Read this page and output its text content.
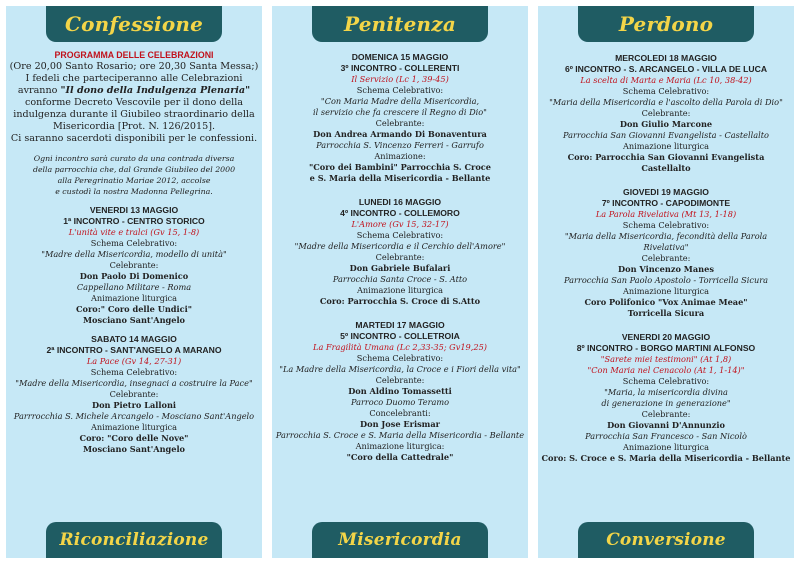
Confessione

PROGRAMMA DELLE CELEBRAZIONI

(Ore 20,00 Santo Rosario; ore 20,30 Santa Messa;)

I fedeli che parteciperanno alle Celebrazioni

avranno "Il dono della Indulgenza Plenaria"

conforme Decreto Vescovile per il dono della

indulgenza durante il Giubileo straordinario della

Misericordia [Prot. N. 126/2015].

Ci saranno sacerdoti disponibili per le confessioni.

Ogni incontro sarà curato da una contrada diversa

della parrocchia che, dal Grande Giubileo del 2000

alla Peregrinatio Mariae 2012, accolse

e custodì la nostra Madonna Pellegrina.

VENERDI 13 MAGGIO

1ª INCONTRO - CENTRO STORICO

L'unità vite e tralci (Gv 15, 1-8)

Schema Celebrativo:

"Madre della Misericordia, modello di unità"

Celebrante:

Don Paolo Di Domenico

Cappellano Militare - Roma

Animazione liturgica

Coro:" Coro delle Undici"

Mosciano Sant'Angelo

SABATO 14 MAGGIO

2ª INCONTRO - SANT'ANGELO A MARANO

La Pace (Gv 14, 27-31)

Schema Celebrativo:

"Madre della Misericordia, insegnaci a costruire la Pace"

Celebrante:

Don Pietro Lalloni

Parrrocchia S. Michele Arcangelo - Mosciano Sant'Angelo

Animazione liturgica

Coro: "Coro delle Nove"

Mosciano Sant'Angelo

Riconciliazione
Penitenza

DOMENICA 15 MAGGIO

3º INCONTRO - COLLERENTI

Il Servizio (Lc 1, 39-45)

Schema Celebrativo:

"Con Maria Madre della Misericordia,

il servizio che fa crescere il Regno di Dio"

Celebrante:

Don Andrea Armando Di Bonaventura

Parrocchia S. Vincenzo Ferreri - Garrufo

Animazione:

"Coro dei Bambini" Parrocchia S. Croce

e S. Maria della Misericordia - Bellante

LUNEDI 16 MAGGIO

4º INCONTRO - COLLEMORO

L'Amore (Gv 15, 32-17)

Schema Celebrativo:

"Madre della Misericordia e il Cerchio dell'Amore"

Celebrante:

Don Gabriele Bufalari

Parrocchia Santa Croce - S. Atto

Animazione liturgica

Coro: Parrocchia S. Croce di S.Atto

MARTEDI 17 MAGGIO

5º INCONTRO - COLLETROIA

La Fragilità Umana (Lc 2,33-35; Gv19,25)

Schema Celebrativo:

"La Madre della Misericordia, la Croce e i Fiori della vita"

Celebrante:

Don Aldino Tomassetti

Parroco Duomo Teramo

Concelebranti:

Don Jose Erismar

Parrocchia S. Croce e S. Maria della Misericordia - Bellante

Animazione liturgica:

"Coro della Cattedrale"

Misericordia
Perdono

MERCOLEDI 18 MAGGIO

6º INCONTRO - S. ARCANGELO - VILLA DE LUCA

La scelta di Marta e Maria (Lc 10, 38-42)

Schema Celebrativo:

"Maria della Misericordia e l'ascolto della Parola di Dio"

Celebrante:

Don Giulio Marcone

Parrocchia San Giovanni Evangelista - Castellalto

Animazione liturgica

Coro: Parrocchia San Giovanni Evangelista

Castellalto

GIOVEDI 19 MAGGIO

7º INCONTRO - CAPODIMONTE

La Parola Rivelativa (Mt 13, 1-18)

Schema Celebrativo:

"Maria della Misericordia, fecondità della Parola

Rivelativa"

Celebrante:

Don Vincenzo Manes

Parrocchia San Paolo Apostolo - Torricella Sicura

Animazione liturgica

Coro Polifonico "Vox Animae Meae"

Torricella Sicura

VENERDI 20 MAGGIO

8º INCONTRO - BORGO MARTINI ALFONSO

"Sarete miei testimoni" (At 1,8)

"Con Maria nel Cenacolo (At 1, 1-14)"

Schema Celebrativo:

"Maria, la misericordia divina

di generazione in generazione"

Celebrante:

Don Giovanni D'Annunzio

Parrocchia San Francesco - San Nicolò

Animazione liturgica

Coro: S. Croce e S. Maria della Misericordia - Bellante

Conversione
